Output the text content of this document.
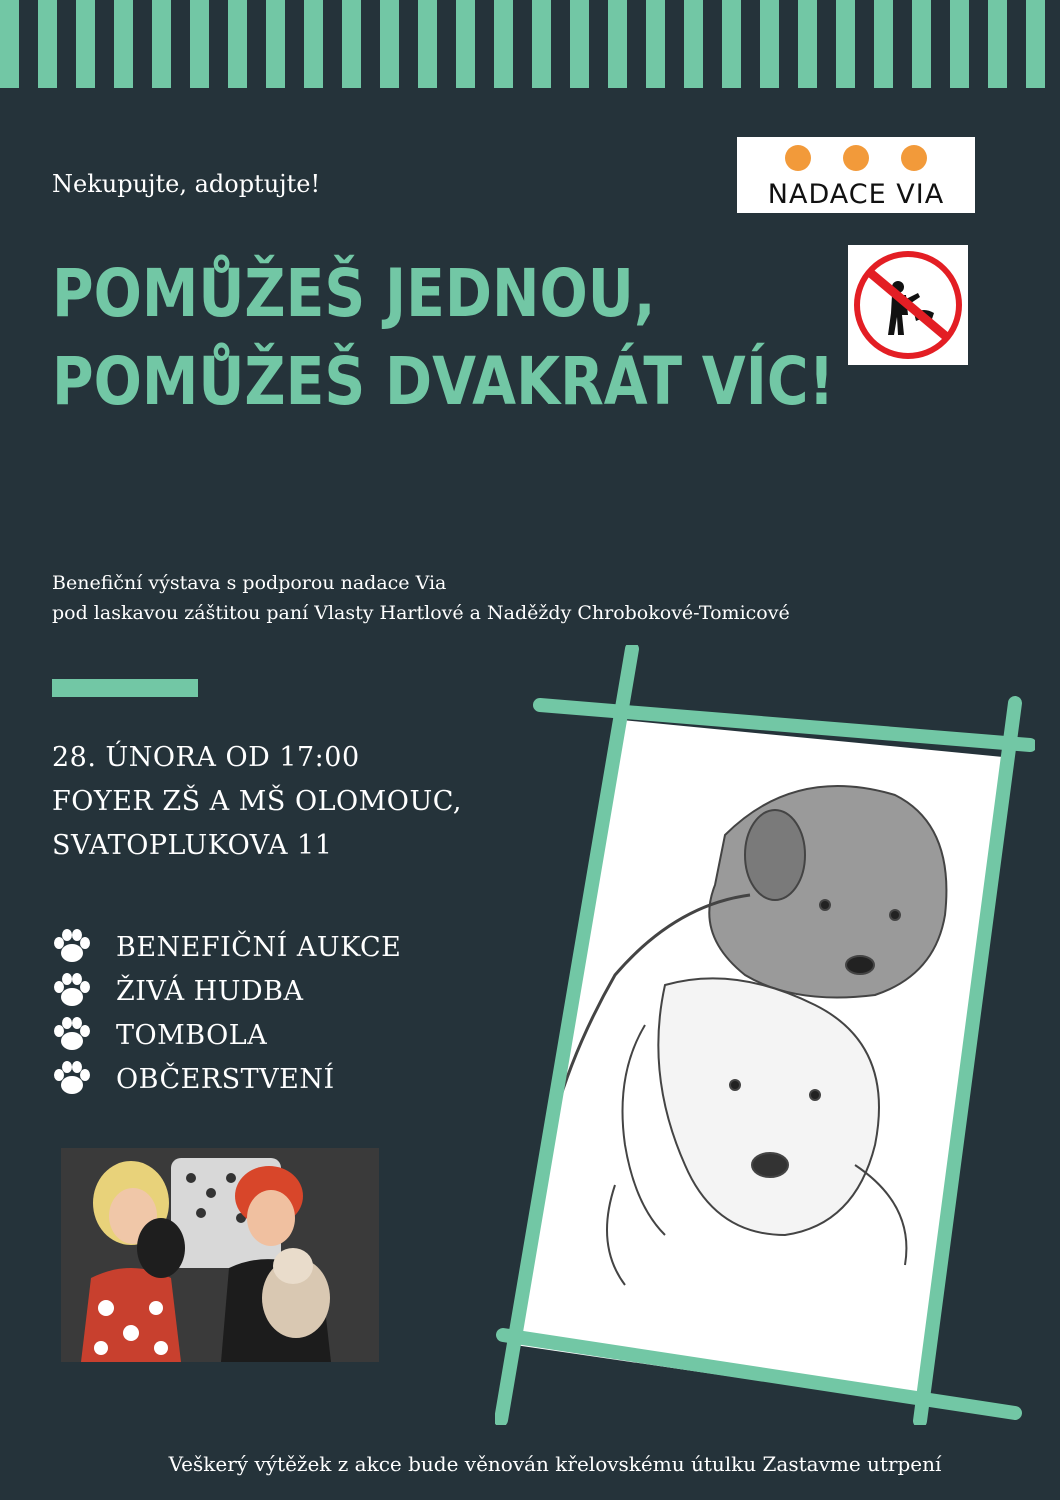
Nekupujte, adoptujte!
POMŮŽEŠ JEDNOU,
POMŮŽEŠ DVAKRÁT VÍC!
NADACE VIA
Benefiční výstava s podporou nadace Via
pod laskavou záštitou paní Vlasty Hartlové a Naděždy Chrobokové-Tomicové
28. ÚNORA OD 17:00
FOYER ZŠ A MŠ OLOMOUC,
SVATOPLUKOVA 11
BENEFIČNÍ AUKCE
ŽIVÁ HUDBA
TOMBOLA
OBČERSTVENÍ
Veškerý výtěžek z akce bude věnován křelovskému útulku Zastavme utrpení
